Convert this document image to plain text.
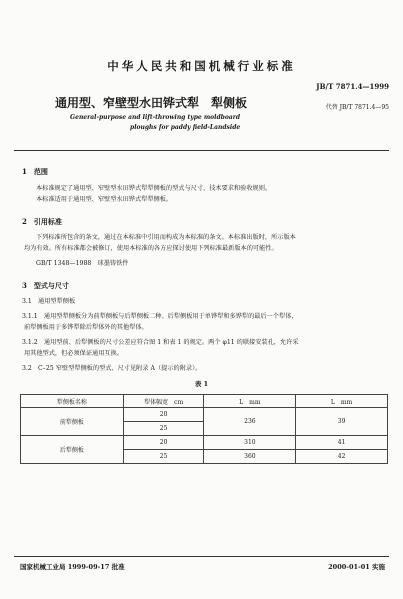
中华人民共和国机械行业标准
JB/T 7871.4—1999
通用型、窄壁型水田铧式犁　犁侧板	代替 JB/T 7871.4—95
General-purpose and lift-throwing type moldboard
ploughs for paddy field-Landside
1　范围
本标准规定了通用型、窄壁型水田铧式犁犁侧板的型式与尺寸、技术要求和验收规则。
本标准适用于通用型、窄壁型水田铧式犁犁侧板。
2　引用标准
下列标准所包含的条文，通过在本标准中引用而构成为本标准的条文。本标准出版时，所示版本
均为有效。所有标准都会被修订，使用本标准的各方应探讨使用下列标准最新版本的可能性。
GB/T 1348—1988　球墨铸铁件
3　型式与尺寸
3.1　通用型犁侧板
3.1.1　通用型犁侧板分为前犁侧板与后犁侧板二种。后犁侧板用于单铧犁和多铧犁的最后一个犁体，
前犁侧板用于多铧犁除后犁体外的其他犁体。
3.1.2　通用型前、后犁侧板的尺寸公差应符合图 1 和表 1 的规定。两个 φ11 的联接安装孔，允许采
用其他型式，但必须保证通用互换。
3.2　C–25 窄壁型犁侧板的型式、尺寸见附录 A（提示的附录）。
表 1
犁侧板名称	犁体幅宽　cm	L　mm	L　mm
前犁侧板	20	236	39
	25		
后犁侧板	20	310	41
	25	360	42
国家机械工业局 1999-09-17 批准	2000-01-01 实施
